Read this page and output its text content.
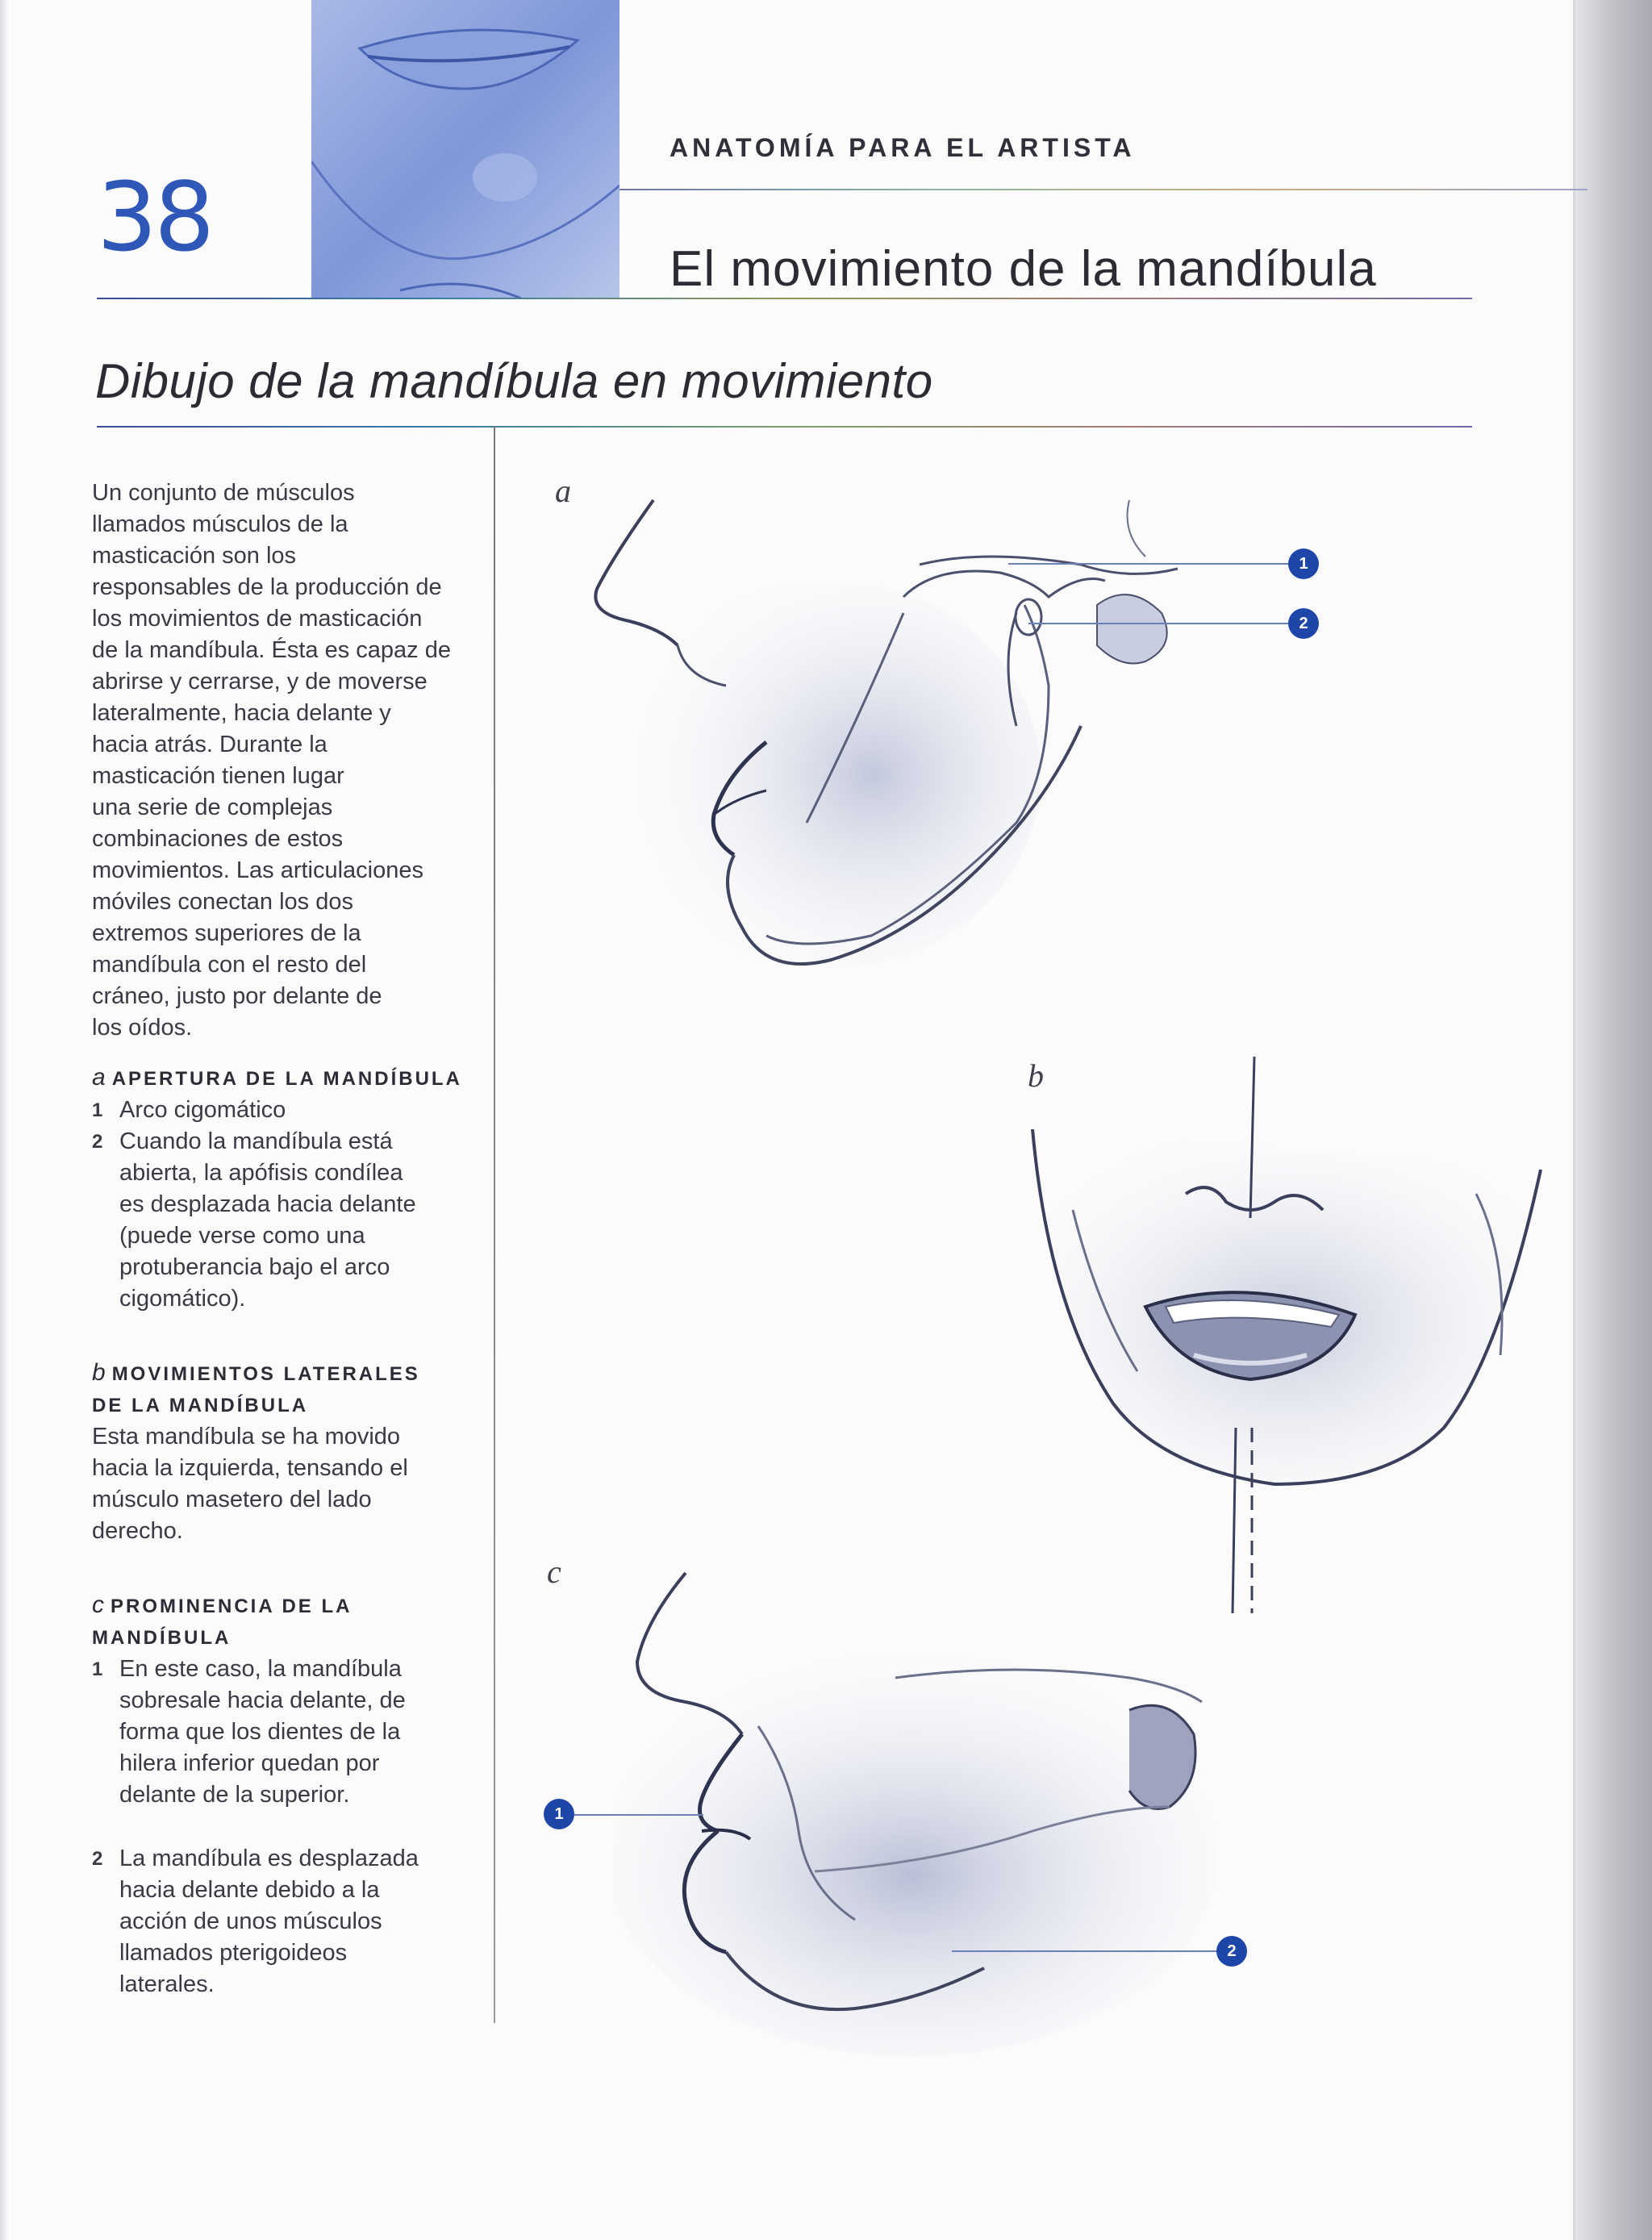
38
ANATOMÍA PARA EL ARTISTA
El movimiento de la mandíbula
Dibujo de la mandíbula en movimiento

Un conjunto de músculos

llamados músculos de la

masticación son los

responsables de la producción de

los movimientos de masticación

de la mandíbula. Ésta es capaz de

abrirse y cerrarse, y de moverse

lateralmente, hacia delante y

hacia atrás. Durante la

masticación tienen lugar

una serie de complejas

combinaciones de estos

movimientos. Las articulaciones

móviles conectan los dos

extremos superiores de la

mandíbula con el resto del

cráneo, justo por delante de

los oídos.

a APERTURA DE LA MANDÍBULA

1 Arco cigomático
2 Cuando la mandíbula está
abierta, la apófisis condílea
es desplazada hacia delante
(puede verse como una
protuberancia bajo el arco
cigomático).

b MOVIMIENTOS LATERALES

DE LA MANDÍBULA

Esta mandíbula se ha movido

hacia la izquierda, tensando el

músculo masetero del lado

derecho.

c PROMINENCIA DE LA

MANDÍBULA

1 En este caso, la mandíbula
sobresale hacia delante, de
forma que los dientes de la
hilera inferior quedan por
delante de la superior.
2 La mandíbula es desplazada
hacia delante debido a la
acción de unos músculos
llamados pterigoideos
laterales.
a
1
2
b
c
1
2
